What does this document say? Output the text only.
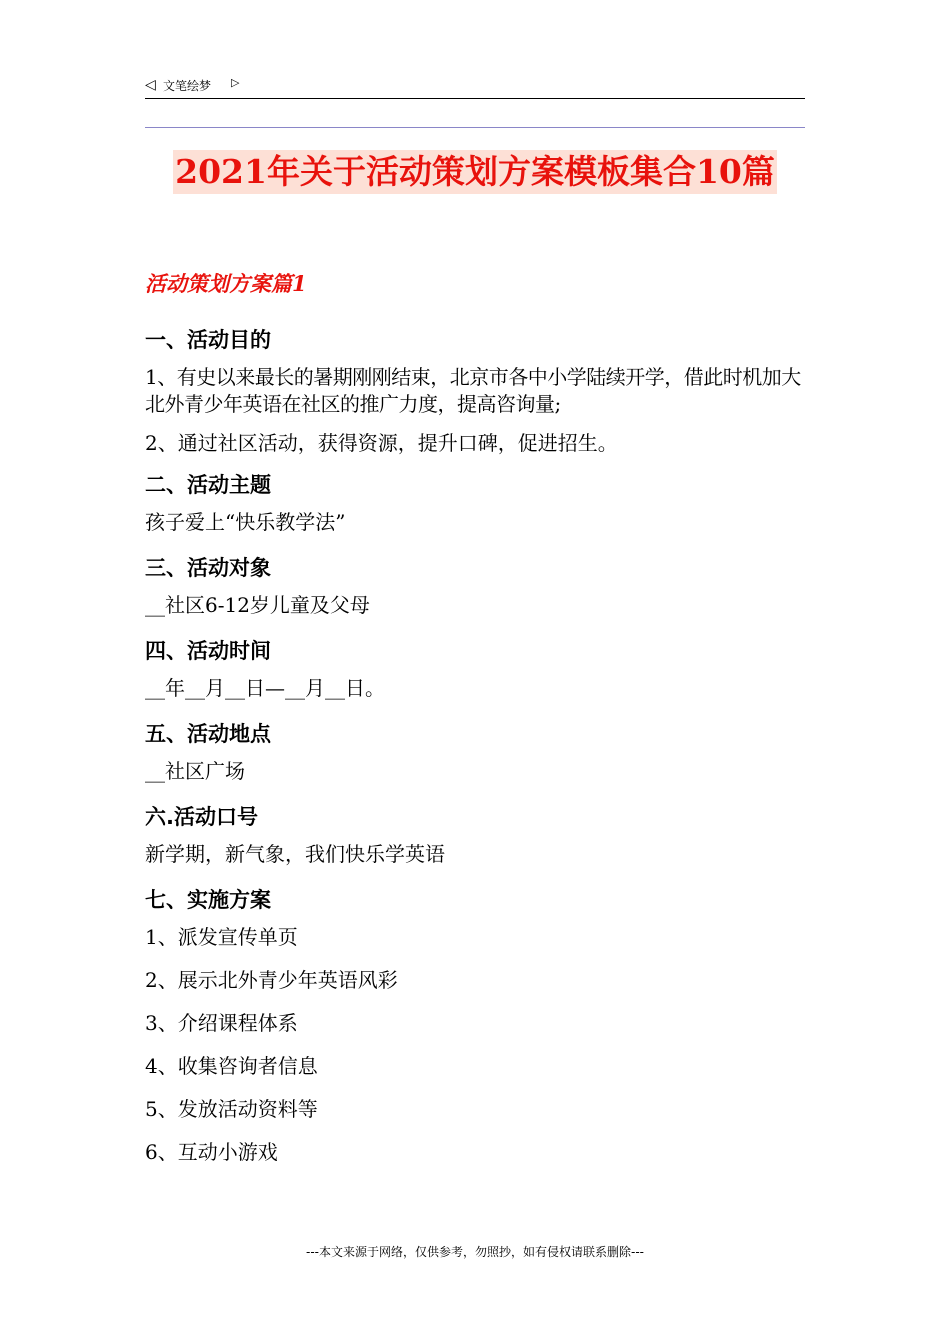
◁ 文笔绘梦 ▷
2021年关于活动策划方案模板集合10篇
活动策划方案篇1
一、活动目的
1、有史以来最长的暑期刚刚结束，北京市各中小学陆续开学，借此时机加大北外青少年英语在社区的推广力度，提高咨询量;
2、通过社区活动，获得资源，提升口碑，促进招生。
二、活动主题
孩子爱上“快乐教学法”
三、活动对象
__社区6-12岁儿童及父母
四、活动时间
__年__月__日—__月__日。
五、活动地点
__社区广场
六.活动口号
新学期，新气象，我们快乐学英语
七、实施方案
1、派发宣传单页
2、展示北外青少年英语风彩
3、介绍课程体系
4、收集咨询者信息
5、发放活动资料等
6、互动小游戏
---本文来源于网络，仅供参考，勿照抄，如有侵权请联系删除---
